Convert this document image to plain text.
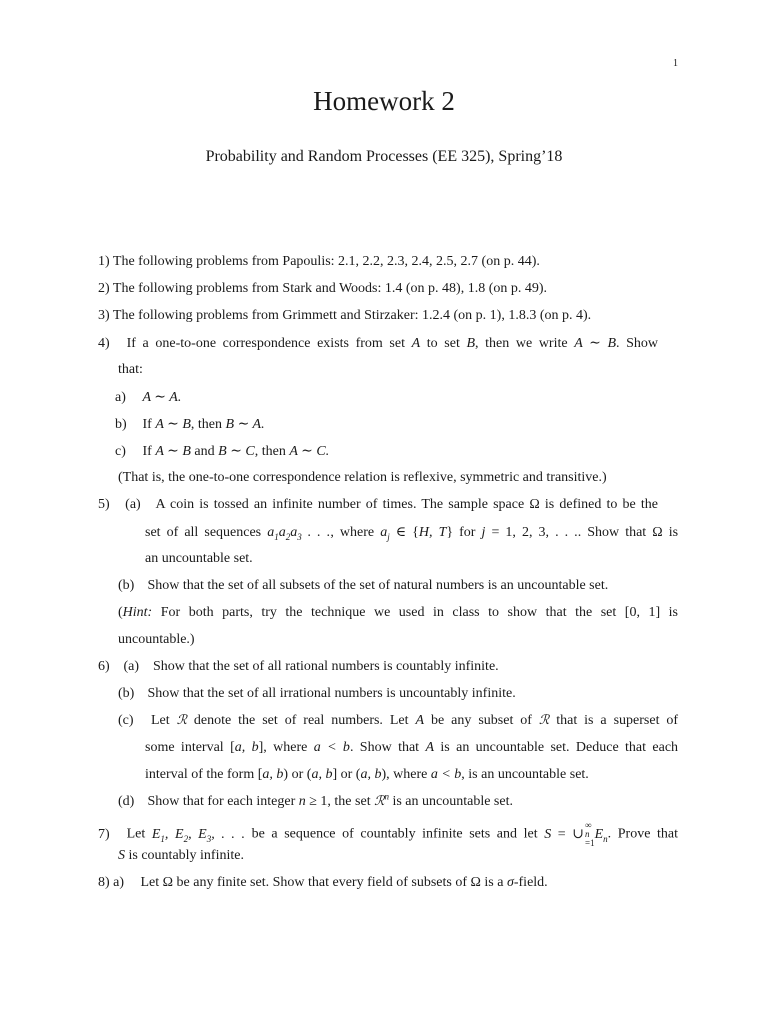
1
Homework 2
Probability and Random Processes (EE 325), Spring’18
1) The following problems from Papoulis: 2.1, 2.2, 2.3, 2.4, 2.5, 2.7 (on p. 44).
2) The following problems from Stark and Woods: 1.4 (on p. 48), 1.8 (on p. 49).
3) The following problems from Grimmett and Stirzaker: 1.2.4 (on p. 1), 1.8.3 (on p. 4).
4) If a one-to-one correspondence exists from set A to set B, then we write A ∼ B. Show
that:
a) A ∼ A.
b) If A ∼ B, then B ∼ A.
c) If A ∼ B and B ∼ C, then A ∼ C.
(That is, the one-to-one correspondence relation is reflexive, symmetric and transitive.)
5) (a) A coin is tossed an infinite number of times. The sample space Ω is defined to be the
set of all sequences $a_1a_2a_3$ . . ., where $a_j$ ∈ {H, T} for j = 1, 2, 3, . . .. Show that Ω is
an uncountable set.
(b) Show that the set of all subsets of the set of natural numbers is an uncountable set.
(Hint: For both parts, try the technique we used in class to show that the set [0, 1] is
uncountable.)
6) (a) Show that the set of all rational numbers is countably infinite.
(b) Show that the set of all irrational numbers is uncountably infinite.
(c) Let ℛ denote the set of real numbers. Let A be any subset of ℛ that is a superset of
some interval [a, b], where a < b. Show that A is an uncountable set. Deduce that each
interval of the form [a, b) or (a, b] or (a, b), where a < b, is an uncountable set.
(d) Show that for each integer n ≥ 1, the set ℛ$^n$ is an uncountable set.
7) Let $E_1$, $E_2$, $E_3$, . . . be a sequence of countably infinite sets and let S = ∪
∞
n
=1
$E_n$. Prove that
S is countably infinite.
8) a) Let Ω be any finite set. Show that every field of subsets of Ω is a σ-field.
